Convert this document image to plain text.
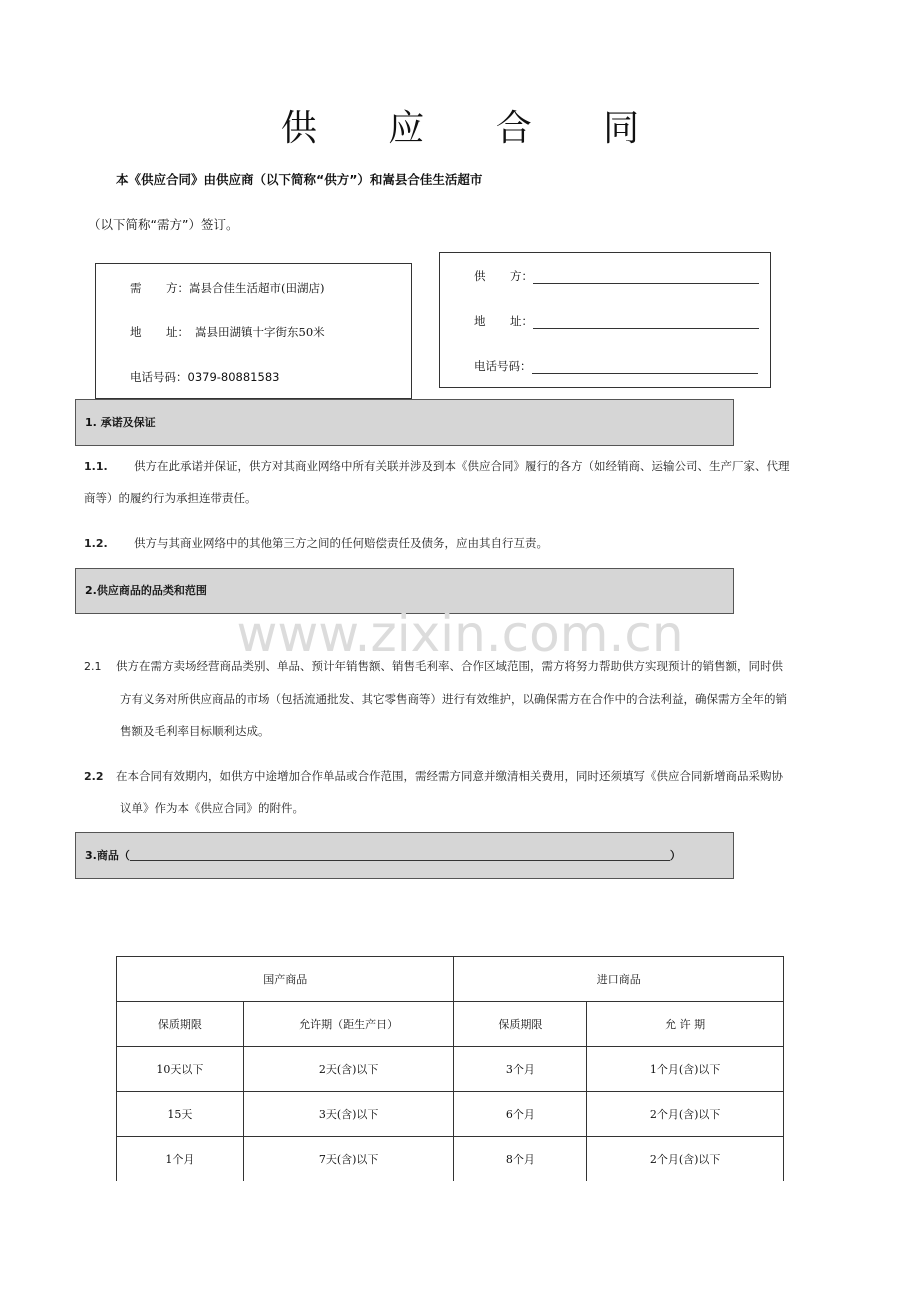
供 应 合 同
本《供应合同》由供应商（以下简称“供方”）和嵩县合佳生活超市
（以下简称“需方”）签订。
需 方：嵩县合佳生活超市(田湖店)
地 址： 嵩县田湖镇十字街东50米
电话号码：0379-80881583
供 方：
地 址：
电话号码：
1. 承诺及保证
1.1. 供方在此承诺并保证，供方对其商业网络中所有关联并涉及到本《供应合同》履行的各方（如经销商、运输公司、生产厂家、代理
商等）的履约行为承担连带责任。
1.2. 供方与其商业网络中的其他第三方之间的任何赔偿责任及债务，应由其自行互责。
2.供应商品的品类和范围
www.zixin.com.cn
2.1 供方在需方卖场经营商品类别、单品、预计年销售额、销售毛利率、合作区域范围，需方将努力帮助供方实现预计的销售额，同时供
方有义务对所供应商品的市场（包括流通批发、其它零售商等）进行有效维护，以确保需方在合作中的合法利益，确保需方全年的销
售额及毛利率目标顺利达成。
2.2 在本合同有效期内，如供方中途增加合作单品或合作范围，需经需方同意并缴清相关费用，同时还须填写《供应合同新增商品采购协
议单》作为本《供应合同》的附件。
3.商品（	）
国产商品		进口商品	
保质期限	允许期（距生产日）	保质期限	允 许 期
10天以下	2天(含)以下	3个月	1个月(含)以下
15天	3天(含)以下	6个月	2个月(含)以下
1个月	7天(含)以下	8个月	2个月(含)以下
